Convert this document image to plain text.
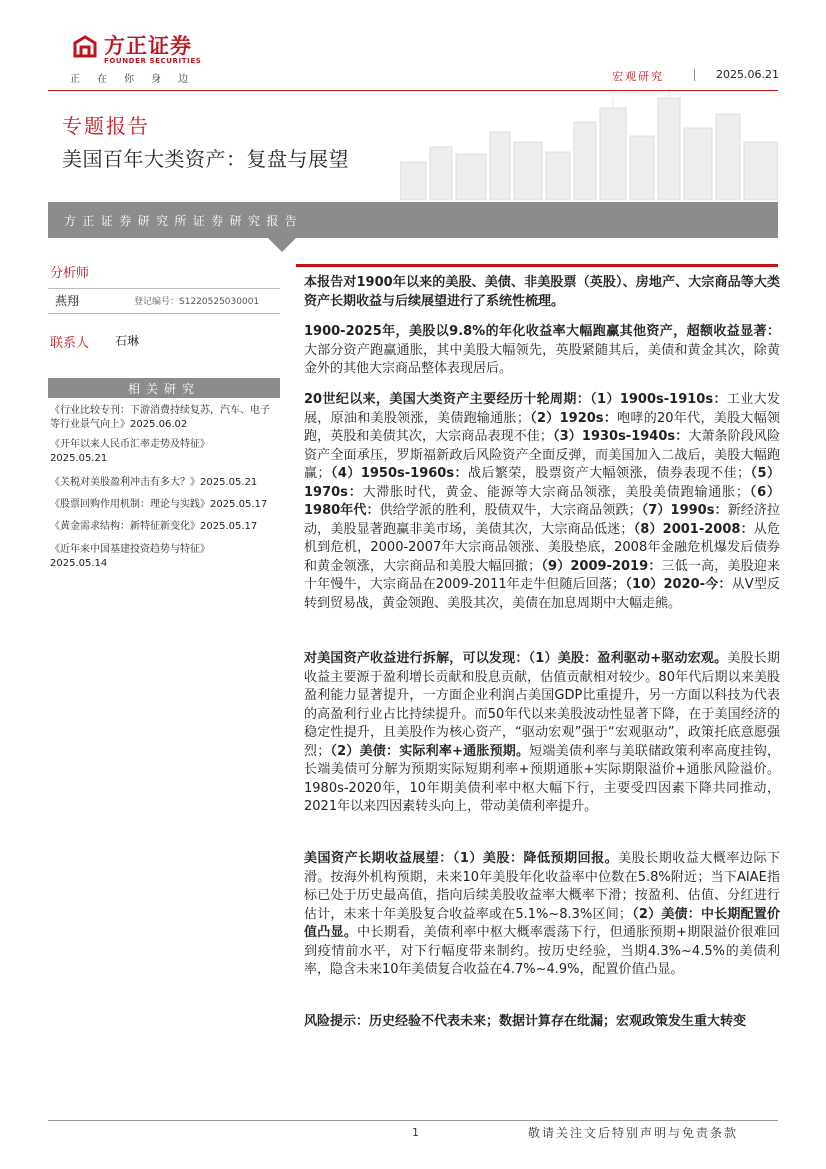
方正证券
FOUNDER SECURITIES
正在你身边	宏观研究	2025.06.21
专题报告
美国百年大类资产：复盘与展望
方正证券研究所证券研究报告
分析师
燕翔	登记编号：S1220525030001
联系人 石琳
相关研究
《行业比较专刊：下游消费持续复苏，汽车、电子等行业景气向上》2025.06.02
《开年以来人民币汇率走势及特征》
2025.05.21
《关税对美股盈利冲击有多大？》2025.05.21
《股票回购作用机制：理论与实践》2025.05.17
《黄金需求结构：新特征新变化》2025.05.17
《近年来中国基建投资趋势与特征》
2025.05.14
本报告对1900年以来的美股、美债、非美股票（英股）、房地产、大宗商品等大类资产长期收益与后续展望进行了系统性梳理。
1900-2025年，美股以9.8%的年化收益率大幅跑赢其他资产，超额收益显著：大部分资产跑赢通胀，其中美股大幅领先，英股紧随其后，美债和黄金其次，除黄金外的其他大宗商品整体表现居后。
20世纪以来，美国大类资产主要经历十轮周期：（1）1900s-1910s：工业大发展，原油和美股领涨，美债跑输通胀；（2）1920s：咆哮的20年代，美股大幅领跑，英股和美债其次，大宗商品表现不佳；（3）1930s-1940s：大萧条阶段风险资产全面承压，罗斯福新政后风险资产全面反弹，而美国加入二战后，美股大幅跑赢；（4）1950s-1960s：战后繁荣，股票资产大幅领涨，债券表现不佳；（5）1970s：大滞胀时代，黄金、能源等大宗商品领涨，美股美债跑输通胀；（6）1980年代：供给学派的胜利，股债双牛，大宗商品领跌；（7）1990s：新经济拉动，美股显著跑赢非美市场，美债其次，大宗商品低迷；（8）2001-2008：从危机到危机，2000-2007年大宗商品领涨、美股垫底，2008年金融危机爆发后债券和黄金领涨，大宗商品和美股大幅回撤；（9）2009-2019：三低一高，美股迎来十年慢牛，大宗商品在2009-2011年走牛但随后回落；（10）2020-今：从V型反转到贸易战，黄金领跑、美股其次，美债在加息周期中大幅走熊。
对美国资产收益进行拆解，可以发现：（1）美股：盈利驱动+驱动宏观。美股长期收益主要源于盈利增长贡献和股息贡献，估值贡献相对较少。80年代后期以来美股盈利能力显著提升，一方面企业利润占美国GDP比重提升，另一方面以科技为代表的高盈利行业占比持续提升。而50年代以来美股波动性显著下降，在于美国经济的稳定性提升，且美股作为核心资产，“驱动宏观”强于“宏观驱动”，政策托底意愿强烈；（2）美债：实际利率+通胀预期。短端美债利率与美联储政策利率高度挂钩，长端美债可分解为预期实际短期利率+预期通胀+实际期限溢价+通胀风险溢价。1980s-2020年，10年期美债利率中枢大幅下行，主要受四因素下降共同推动，2021年以来四因素转头向上，带动美债利率提升。
美国资产长期收益展望：（1）美股：降低预期回报。美股长期收益大概率边际下滑。按海外机构预期，未来10年美股年化收益率中位数在5.8%附近；当下AIAE指标已处于历史最高值，指向后续美股收益率大概率下滑；按盈利、估值、分红进行估计，未来十年美股复合收益率或在5.1%~8.3%区间；（2）美债：中长期配置价值凸显。中长期看，美债利率中枢大概率震荡下行，但通胀预期+期限溢价很难回到疫情前水平，对下行幅度带来制约。按历史经验，当期4.3%~4.5%的美债利率，隐含未来10年美债复合收益在4.7%~4.9%，配置价值凸显。
风险提示：历史经验不代表未来；数据计算存在纰漏；宏观政策发生重大转变
1	敬请关注文后特别声明与免责条款
